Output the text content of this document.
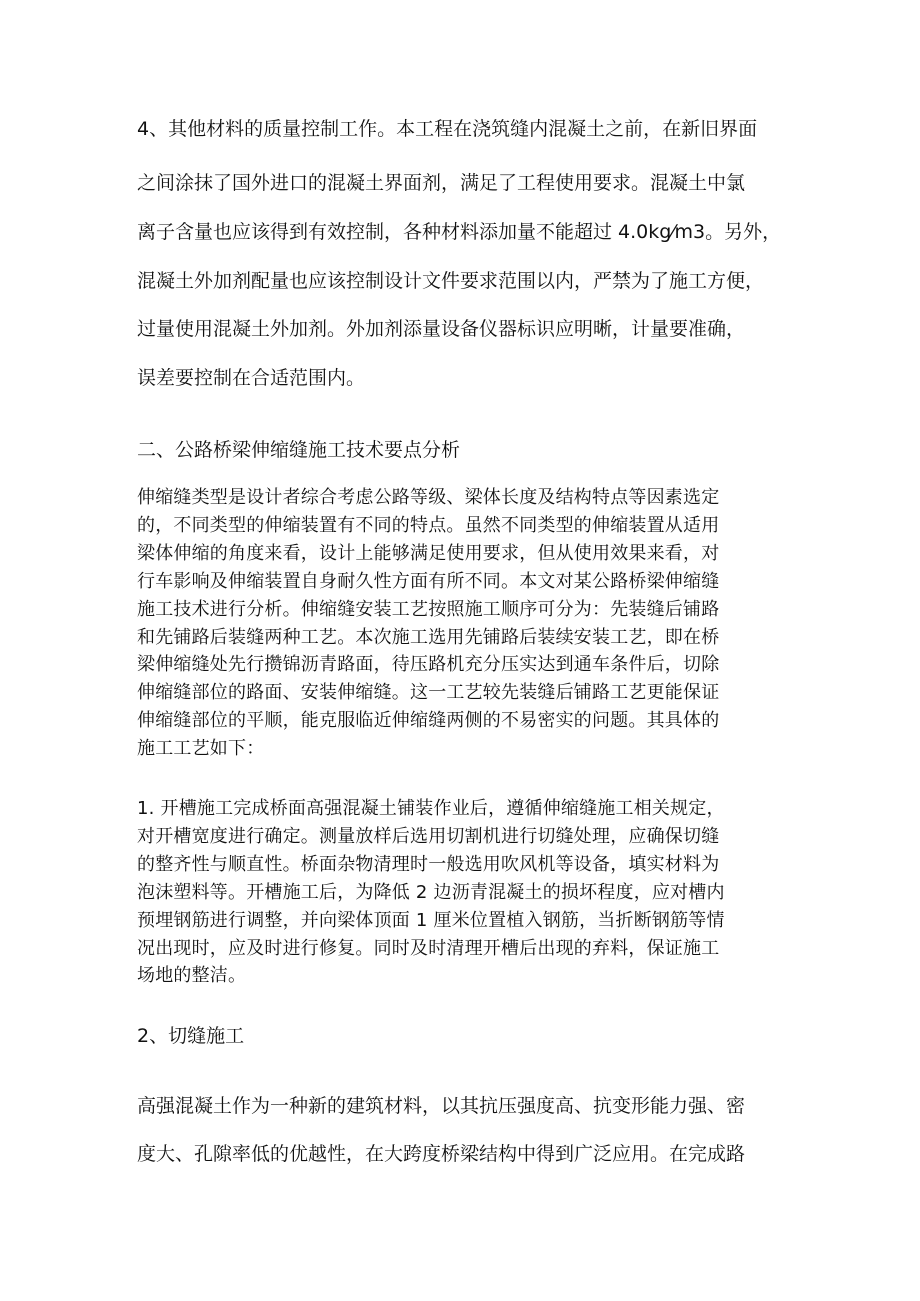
4、其他材料的质量控制工作。本工程在浇筑缝内混凝土之前，在新旧界面
之间涂抹了国外进口的混凝土界面剂，满足了工程使用要求。混凝土中氯
离子含量也应该得到有效控制，各种材料添加量不能超过 4.0kg⁄m3。另外，
混凝土外加剂配量也应该控制设计文件要求范围以内，严禁为了施工方便，
过量使用混凝土外加剂。外加剂添量设备仪器标识应明晰，计量要准确，
误差要控制在合适范围内。
二、公路桥梁伸缩缝施工技术要点分析
伸缩缝类型是设计者综合考虑公路等级、梁体长度及结构特点等因素选定
的，不同类型的伸缩装置有不同的特点。虽然不同类型的伸缩装置从适用
梁体伸缩的角度来看，设计上能够满足使用要求，但从使用效果来看，对
行车影响及伸缩装置自身耐久性方面有所不同。本文对某公路桥梁伸缩缝
施工技术进行分析。伸缩缝安装工艺按照施工顺序可分为：先装缝后铺路
和先铺路后装缝两种工艺。本次施工选用先铺路后装续安装工艺，即在桥
梁伸缩缝处先行攒锦沥青路面，待压路机充分压实达到通车条件后，切除
伸缩缝部位的路面、安装伸缩缝。这一工艺较先装缝后铺路工艺更能保证
伸缩缝部位的平顺，能克服临近伸缩缝两侧的不易密实的问题。其具体的
施工工艺如下：
1. 开槽施工完成桥面高强混凝土铺装作业后，遵循伸缩缝施工相关规定，
对开槽宽度进行确定。测量放样后选用切割机进行切缝处理，应确保切缝
的整齐性与顺直性。桥面杂物清理时一般选用吹风机等设备，填实材料为
泡沫塑料等。开槽施工后，为降低 2 边沥青混凝土的损坏程度，应对槽内
预埋钢筋进行调整，并向梁体顶面 1 厘米位置植入钢筋，当折断钢筋等情
况出现时，应及时进行修复。同时及时清理开槽后出现的弃料，保证施工
场地的整洁。
2、切缝施工
高强混凝土作为一种新的建筑材料，以其抗压强度高、抗变形能力强、密
度大、孔隙率低的优越性，在大跨度桥梁结构中得到广泛应用。在完成路
